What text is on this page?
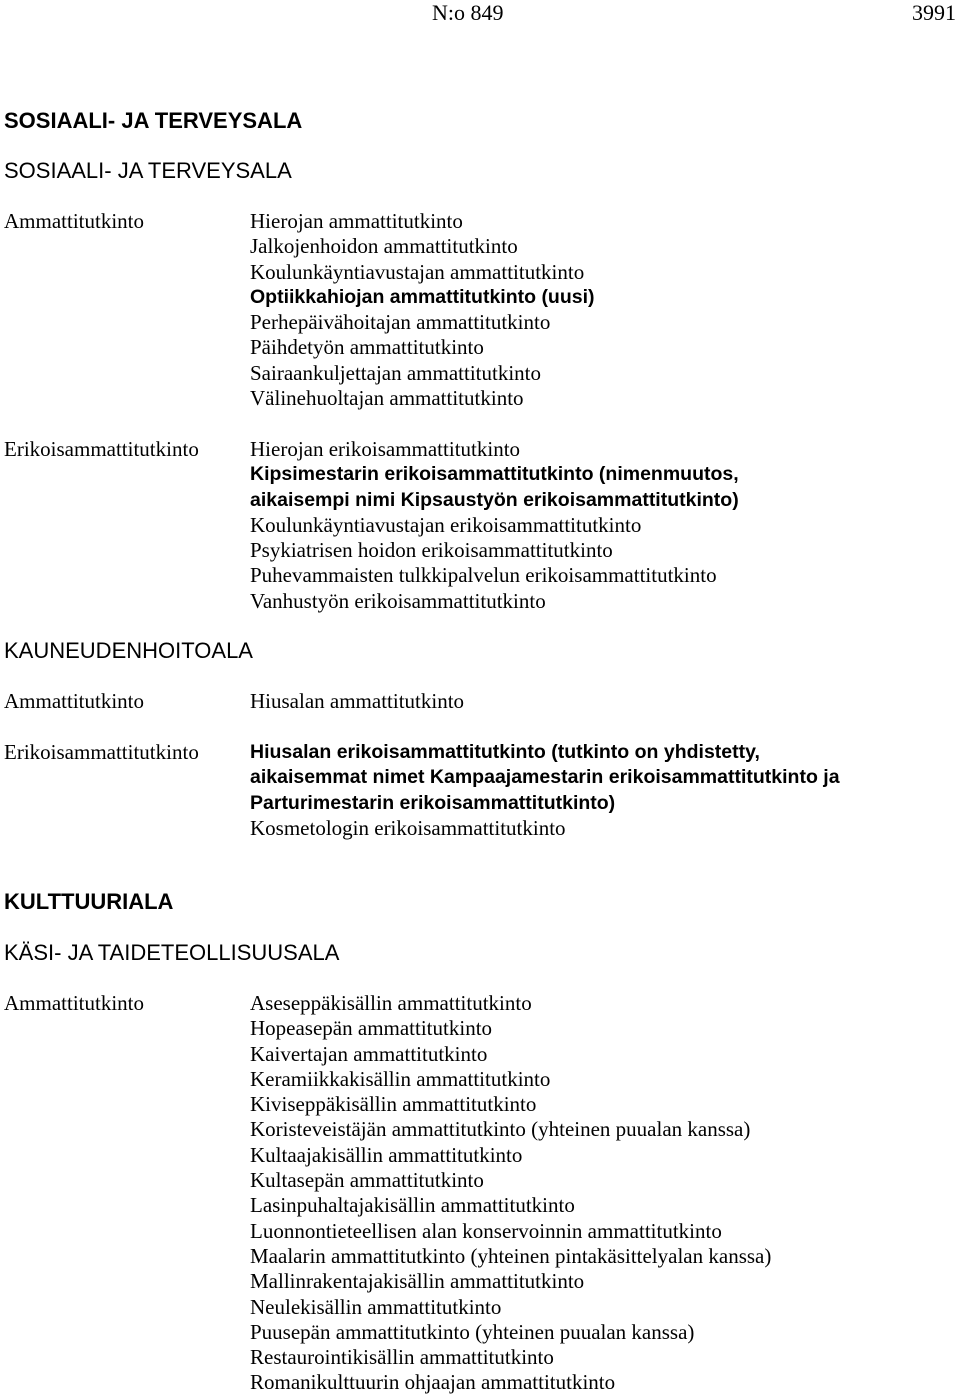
N:o 849	3991
SOSIAALI- JA TERVEYSALA
SOSIAALI- JA TERVEYSALA
Ammattitutkinto	Hierojan ammattitutkinto
Jalkojenhoidon ammattitutkinto
Koulunkäyntiavustajan ammattitutkinto
Optiikkahiojan ammattitutkinto (uusi)
Perhepäivähoitajan ammattitutkinto
Päihdetyön ammattitutkinto
Sairaankuljettajan ammattitutkinto
Välinehuoltajan ammattitutkinto
Erikoisammattitutkinto Hierojan erikoisammattitutkinto
Kipsimestarin erikoisammattitutkinto (nimenmuutos,
aikaisempi nimi Kipsaustyön erikoisammattitutkinto)
Koulunkäyntiavustajan erikoisammattitutkinto
Psykiatrisen hoidon erikoisammattitutkinto
Puhevammaisten tulkkipalvelun erikoisammattitutkinto
Vanhustyön erikoisammattitutkinto
KAUNEUDENHOITOALA
Ammattitutkinto	Hiusalan ammattitutkinto
Erikoisammattitutkinto	Hiusalan erikoisammattitutkinto (tutkinto on yhdistetty,
aikaisemmat nimet Kampaajamestarin erikoisammattitutkinto ja
Parturimestarin erikoisammattitutkinto)
Kosmetologin erikoisammattitutkinto
KULTTUURIALA
KÄSI- JA TAIDETEOLLISUUSALA
Ammattitutkinto	Aseseppäkisällin ammattitutkinto
Hopeasepän ammattitutkinto
Kaivertajan ammattitutkinto
Keramiikkakisällin ammattitutkinto
Kiviseppäkisällin ammattitutkinto
Koristeveistäjän ammattitutkinto (yhteinen puualan kanssa)
Kultaajakisällin ammattitutkinto
Kultasepän ammattitutkinto
Lasinpuhaltajakisällin ammattitutkinto
Luonnontieteellisen alan konservoinnin ammattitutkinto
Maalarin ammattitutkinto (yhteinen pintakäsittelyalan kanssa)
Mallinrakentajakisällin ammattitutkinto
Neulekisällin ammattitutkinto
Puusepän ammattitutkinto (yhteinen puualan kanssa)
Restaurointikisällin ammattitutkinto
Romanikulttuurin ohjaajan ammattitutkinto
